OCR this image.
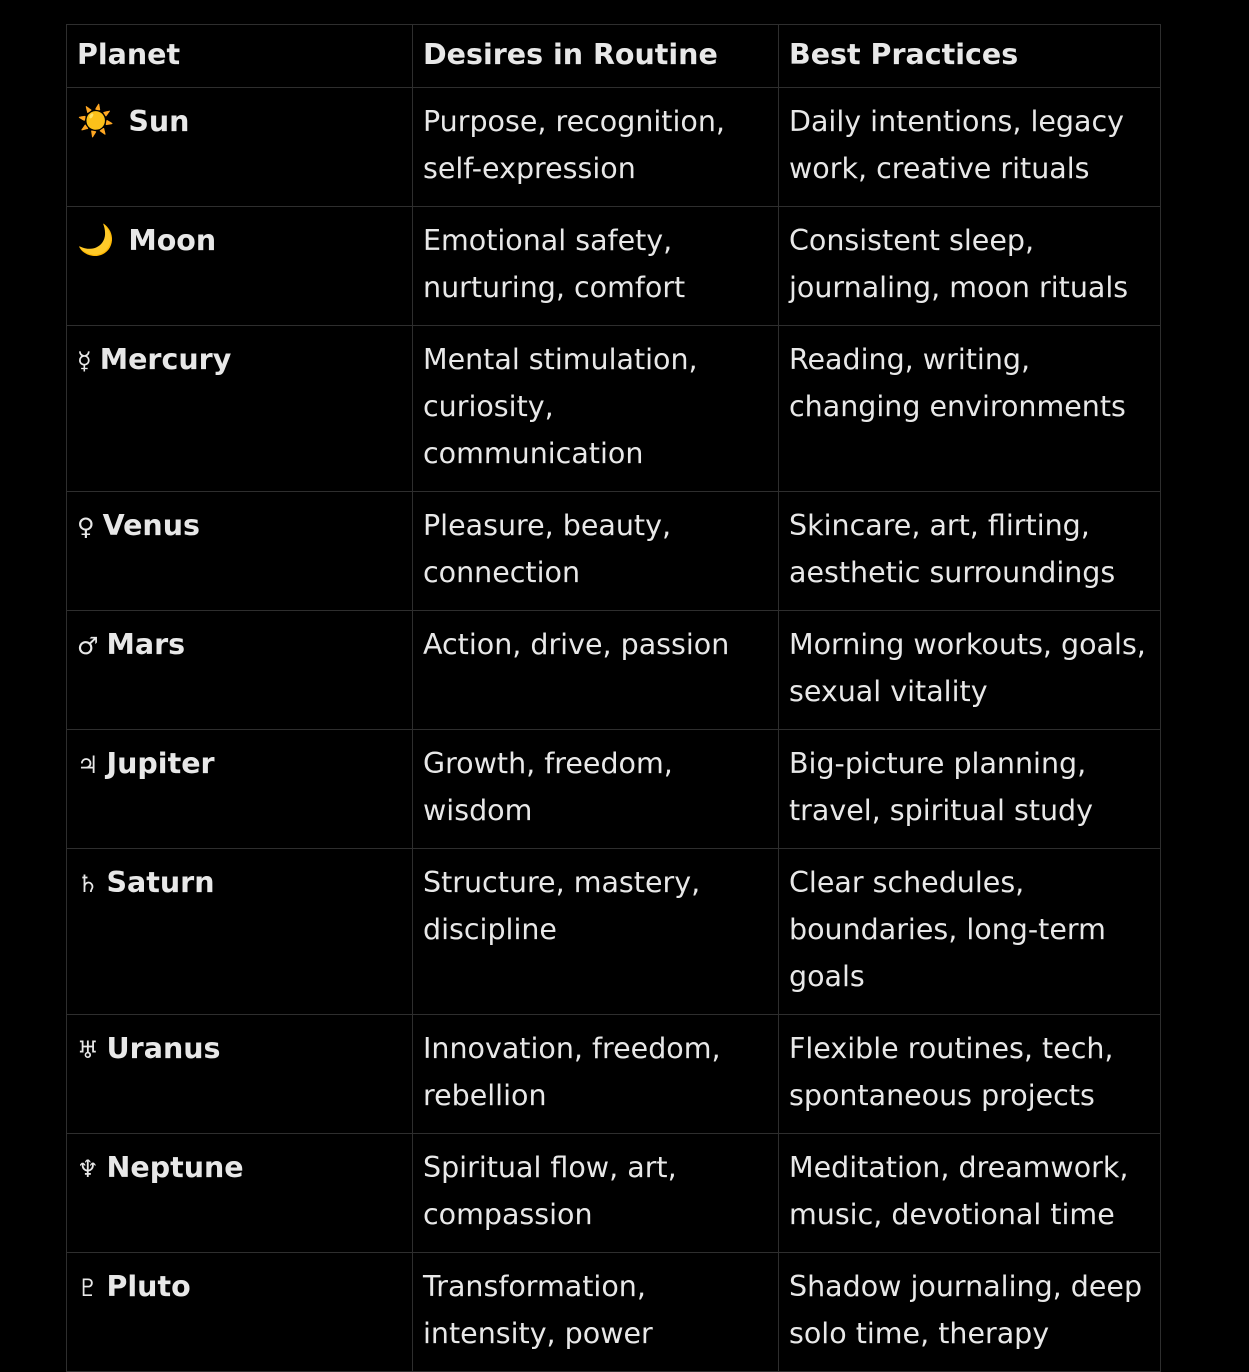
Planet	Desires in Routine	Best Practices
☀️ Sun	Purpose, recognition, self-expression	Daily intentions, legacy work, creative rituals
🌙 Moon	Emotional safety, nurturing, comfort	Consistent sleep, journaling, moon rituals
☿ Mercury	Mental stimulation, curiosity, communication	Reading, writing, changing environments
♀ Venus	Pleasure, beauty, connection	Skincare, art, flirting, aesthetic surroundings
♂ Mars	Action, drive, passion	Morning workouts, goals, sexual vitality
♃ Jupiter	Growth, freedom, wisdom	Big-picture planning, travel, spiritual study
♄ Saturn	Structure, mastery, discipline	Clear schedules, boundaries, long-term goals
♅ Uranus	Innovation, freedom, rebellion	Flexible routines, tech, spontaneous projects
♆ Neptune	Spiritual flow, art, compassion	Meditation, dreamwork, music, devotional time
♇ Pluto	Transformation, intensity, power	Shadow journaling, deep solo time, therapy
